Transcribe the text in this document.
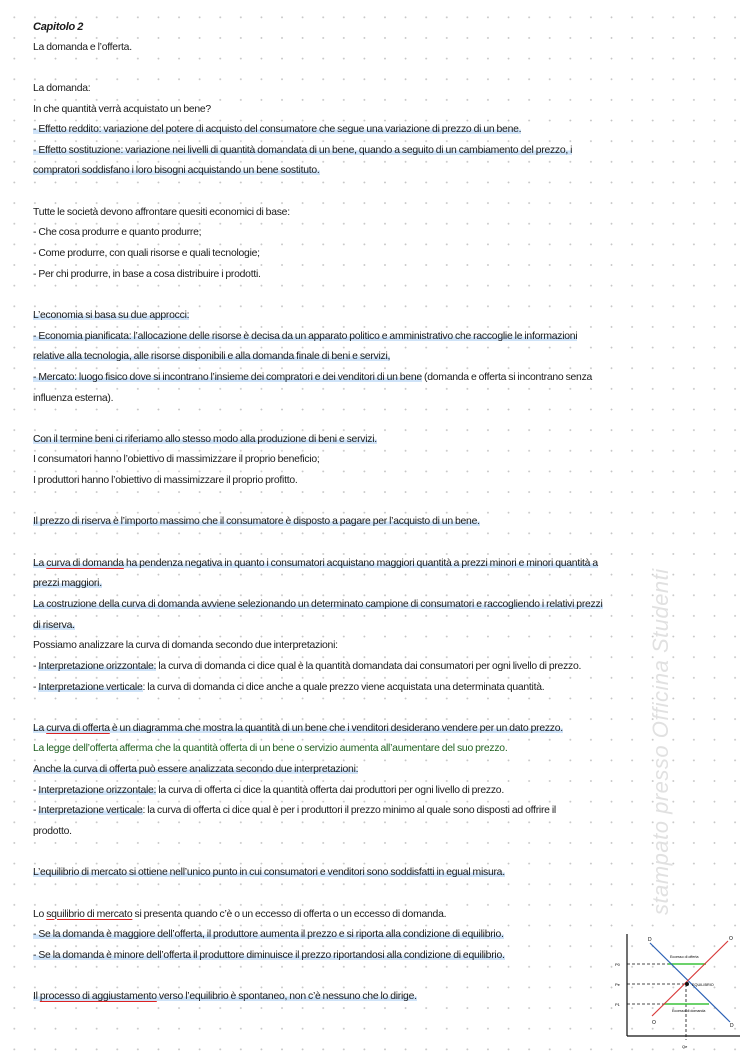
Capitolo 2
La domanda e l’offerta.
La domanda:
In che quantità verrà acquistato un bene?
- Effetto reddito: variazione del potere di acquisto del consumatore che segue una variazione di prezzo di un bene.
- Effetto sostituzione: variazione nei livelli di quantità domandata di un bene, quando a seguito di un cambiamento del prezzo, i
compratori soddisfano i loro bisogni acquistando un bene sostituto.
Tutte le società devono affrontare quesiti economici di base:
- Che cosa produrre e quanto produrre;
- Come produrre, con quali risorse e quali tecnologie;
- Per chi produrre, in base a cosa distribuire i prodotti.
L’economia si basa su due approcci:
- Economia pianificata: l’allocazione delle risorse è decisa da un apparato politico e amministrativo che raccoglie le informazioni
relative alla tecnologia, alle risorse disponibili e alla domanda finale di beni e servizi,
- Mercato: luogo fisico dove si incontrano l’insieme dei compratori e dei venditori di un bene (domanda e offerta si incontrano senza
influenza esterna).
Con il termine beni ci riferiamo allo stesso modo alla produzione di beni e servizi.
I consumatori hanno l’obiettivo di massimizzare il proprio beneficio;
I produttori hanno l’obiettivo di massimizzare il proprio profitto.
Il prezzo di riserva è l’importo massimo che il consumatore è disposto a pagare per l’acquisto di un bene.
La curva di domanda ha pendenza negativa in quanto i consumatori acquistano maggiori quantità a prezzi minori e minori quantità a
prezzi maggiori.
La costruzione della curva di domanda avviene selezionando un determinato campione di consumatori e raccogliendo i relativi prezzi
di riserva.
Possiamo analizzare la curva di domanda secondo due interpretazioni:
- Interpretazione orizzontale: la curva di domanda ci dice qual è la quantità domandata dai consumatori per ogni livello di prezzo.
- Interpretazione verticale: la curva di domanda ci dice anche a quale prezzo viene acquistata una determinata quantità.
La curva di offerta è un diagramma che mostra la quantità di un bene che i venditori desiderano vendere per un dato prezzo.
La legge dell’offerta afferma che la quantità offerta di un bene o servizio aumenta all’aumentare del suo prezzo.
Anche la curva di offerta può essere analizzata secondo due interpretazioni:
- Interpretazione orizzontale: la curva di offerta ci dice la quantità offerta dai produttori per ogni livello di prezzo.
- Interpretazione verticale: la curva di offerta ci dice qual è per i produttori il prezzo minimo al quale sono disposti ad offrire il
prodotto.
L’equilibrio di mercato si ottiene nell’unico punto in cui consumatori e venditori sono soddisfatti in egual misura.
Lo squilibrio di mercato si presenta quando c’è o un eccesso di offerta o un eccesso di domanda.
- Se la domanda è maggiore dell’offerta, il produttore aumenta il prezzo e si riporta alla condizione di equilibrio.
- Se la domanda è minore dell’offerta il produttore diminuisce il prezzo riportandosi alla condizione di equilibrio.
Il processo di aggiustamento verso l’equilibrio è spontaneo, non c’è nessuno che lo dirige.
stampato presso Officina Studenti
D	O
O	D
P0
Pe
P1
Qe
Eccesso di offerta
Eccesso di domanda
EQUILIBRIO
